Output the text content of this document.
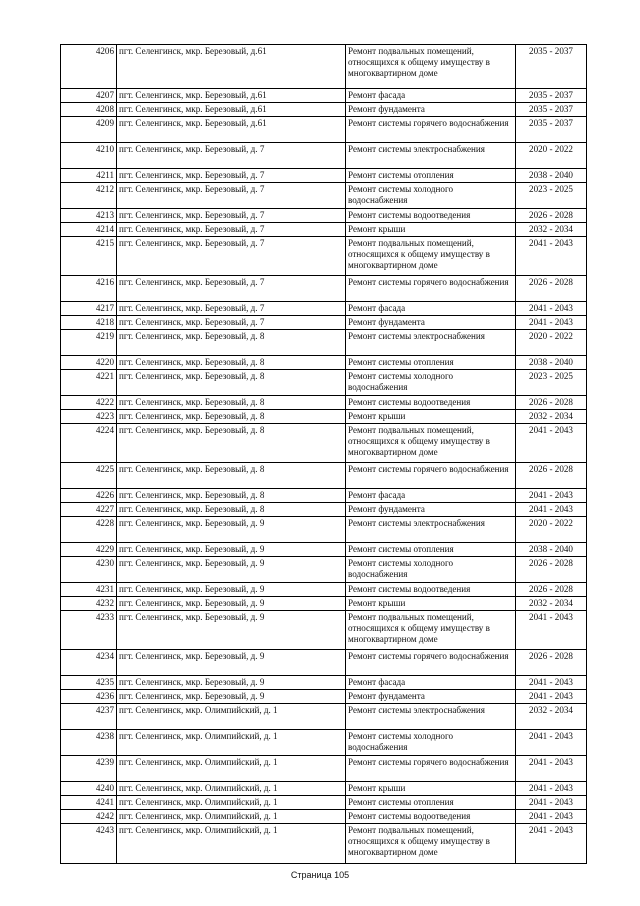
4206	пгт. Селенгинск, мкр. Березовый, д.61	Ремонт подвальных помещений, относящихся к общему имуществу в многоквартирном доме	2035 - 2037
4207	пгт. Селенгинск, мкр. Березовый, д.61	Ремонт фасада	2035 - 2037
4208	пгт. Селенгинск, мкр. Березовый, д.61	Ремонт фундамента	2035 - 2037
4209	пгт. Селенгинск, мкр. Березовый, д.61	Ремонт системы горячего водоснабжения	2035 - 2037
4210	пгт. Селенгинск, мкр. Березовый, д. 7	Ремонт системы электроснабжения	2020 - 2022
4211	пгт. Селенгинск, мкр. Березовый, д. 7	Ремонт системы отопления	2038 - 2040
4212	пгт. Селенгинск, мкр. Березовый, д. 7	Ремонт системы холодного водоснабжения	2023 - 2025
4213	пгт. Селенгинск, мкр. Березовый, д. 7	Ремонт системы водоотведения	2026 - 2028
4214	пгт. Селенгинск, мкр. Березовый, д. 7	Ремонт крыши	2032 - 2034
4215	пгт. Селенгинск, мкр. Березовый, д. 7	Ремонт подвальных помещений, относящихся к общему имуществу в многоквартирном доме	2041 - 2043
4216	пгт. Селенгинск, мкр. Березовый, д. 7	Ремонт системы горячего водоснабжения	2026 - 2028
4217	пгт. Селенгинск, мкр. Березовый, д. 7	Ремонт фасада	2041 - 2043
4218	пгт. Селенгинск, мкр. Березовый, д. 7	Ремонт фундамента	2041 - 2043
4219	пгт. Селенгинск, мкр. Березовый, д. 8	Ремонт системы электроснабжения	2020 - 2022
4220	пгт. Селенгинск, мкр. Березовый, д. 8	Ремонт системы отопления	2038 - 2040
4221	пгт. Селенгинск, мкр. Березовый, д. 8	Ремонт системы холодного водоснабжения	2023 - 2025
4222	пгт. Селенгинск, мкр. Березовый, д. 8	Ремонт системы водоотведения	2026 - 2028
4223	пгт. Селенгинск, мкр. Березовый, д. 8	Ремонт крыши	2032 - 2034
4224	пгт. Селенгинск, мкр. Березовый, д. 8	Ремонт подвальных помещений, относящихся к общему имуществу в многоквартирном доме	2041 - 2043
4225	пгт. Селенгинск, мкр. Березовый, д. 8	Ремонт системы горячего водоснабжения	2026 - 2028
4226	пгт. Селенгинск, мкр. Березовый, д. 8	Ремонт фасада	2041 - 2043
4227	пгт. Селенгинск, мкр. Березовый, д. 8	Ремонт фундамента	2041 - 2043
4228	пгт. Селенгинск, мкр. Березовый, д. 9	Ремонт системы электроснабжения	2020 - 2022
4229	пгт. Селенгинск, мкр. Березовый, д. 9	Ремонт системы отопления	2038 - 2040
4230	пгт. Селенгинск, мкр. Березовый, д. 9	Ремонт системы холодного водоснабжения	2026 - 2028
4231	пгт. Селенгинск, мкр. Березовый, д. 9	Ремонт системы водоотведения	2026 - 2028
4232	пгт. Селенгинск, мкр. Березовый, д. 9	Ремонт крыши	2032 - 2034
4233	пгт. Селенгинск, мкр. Березовый, д. 9	Ремонт подвальных помещений, относящихся к общему имуществу в многоквартирном доме	2041 - 2043
4234	пгт. Селенгинск, мкр. Березовый, д. 9	Ремонт системы горячего водоснабжения	2026 - 2028
4235	пгт. Селенгинск, мкр. Березовый, д. 9	Ремонт фасада	2041 - 2043
4236	пгт. Селенгинск, мкр. Березовый, д. 9	Ремонт фундамента	2041 - 2043
4237	пгт. Селенгинск, мкр. Олимпийский, д. 1	Ремонт системы электроснабжения	2032 - 2034
4238	пгт. Селенгинск, мкр. Олимпийский, д. 1	Ремонт системы холодного водоснабжения	2041 - 2043
4239	пгт. Селенгинск, мкр. Олимпийский, д. 1	Ремонт системы горячего водоснабжения	2041 - 2043
4240	пгт. Селенгинск, мкр. Олимпийский, д. 1	Ремонт крыши	2041 - 2043
4241	пгт. Селенгинск, мкр. Олимпийский, д. 1	Ремонт системы отопления	2041 - 2043
4242	пгт. Селенгинск, мкр. Олимпийский, д. 1	Ремонт системы водоотведения	2041 - 2043
4243	пгт. Селенгинск, мкр. Олимпийский, д. 1	Ремонт подвальных помещений, относящихся к общему имуществу в многоквартирном доме	2041 - 2043
Страница 105
